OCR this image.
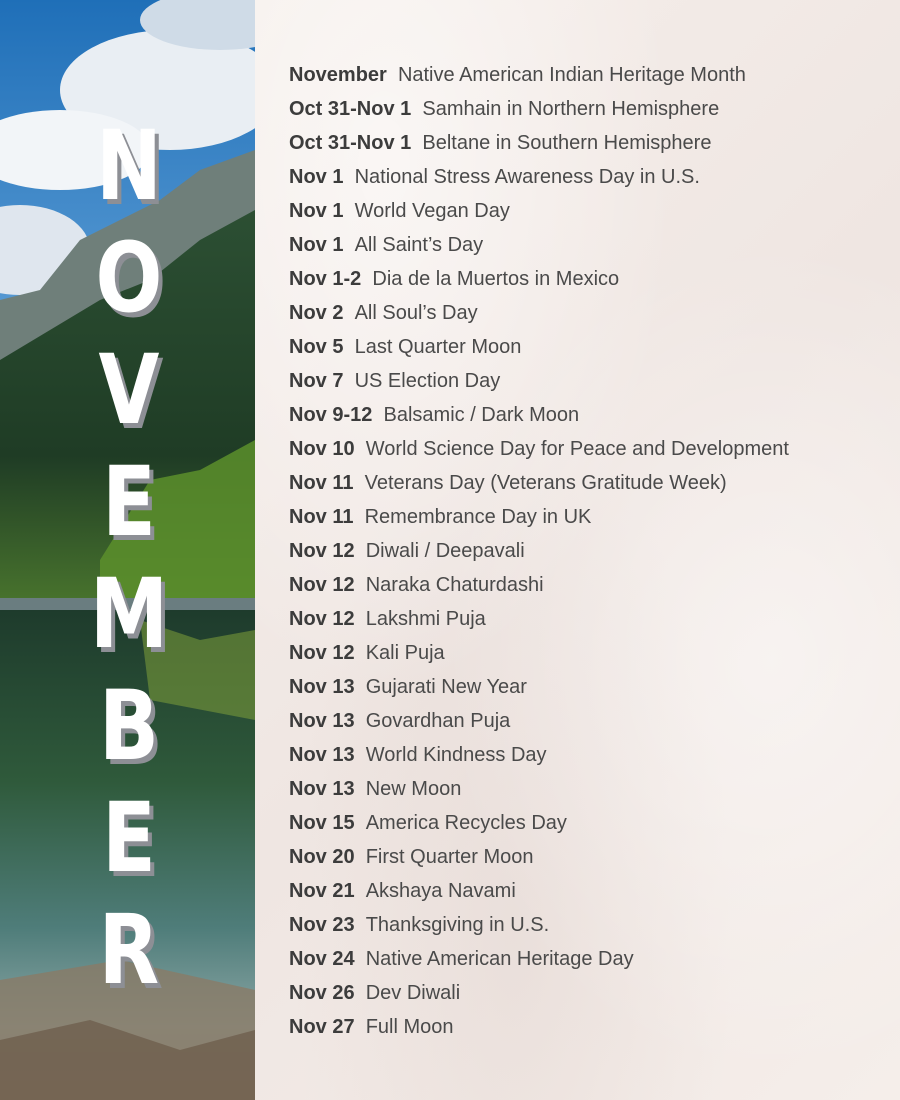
N
O
V
E
M
B
E
R
November Native American Indian Heritage Month
Oct 31-Nov 1 Samhain in Northern Hemisphere
Oct 31-Nov 1 Beltane in Southern Hemisphere
Nov 1 National Stress Awareness Day in U.S.
Nov 1 World Vegan Day
Nov 1 All Saint’s Day
Nov 1-2 Dia de la Muertos in Mexico
Nov 2 All Soul’s Day
Nov 5 Last Quarter Moon
Nov 7 US Election Day
Nov 9-12 Balsamic / Dark Moon
Nov 10 World Science Day for Peace and Development
Nov 11 Veterans Day (Veterans Gratitude Week)
Nov 11 Remembrance Day in UK
Nov 12 Diwali / Deepavali
Nov 12 Naraka Chaturdashi
Nov 12 Lakshmi Puja
Nov 12 Kali Puja
Nov 13 Gujarati New Year
Nov 13 Govardhan Puja
Nov 13 World Kindness Day
Nov 13 New Moon
Nov 15 America Recycles Day
Nov 20 First Quarter Moon
Nov 21 Akshaya Navami
Nov 23 Thanksgiving in U.S.
Nov 24 Native American Heritage Day
Nov 26 Dev Diwali
Nov 27 Full Moon
